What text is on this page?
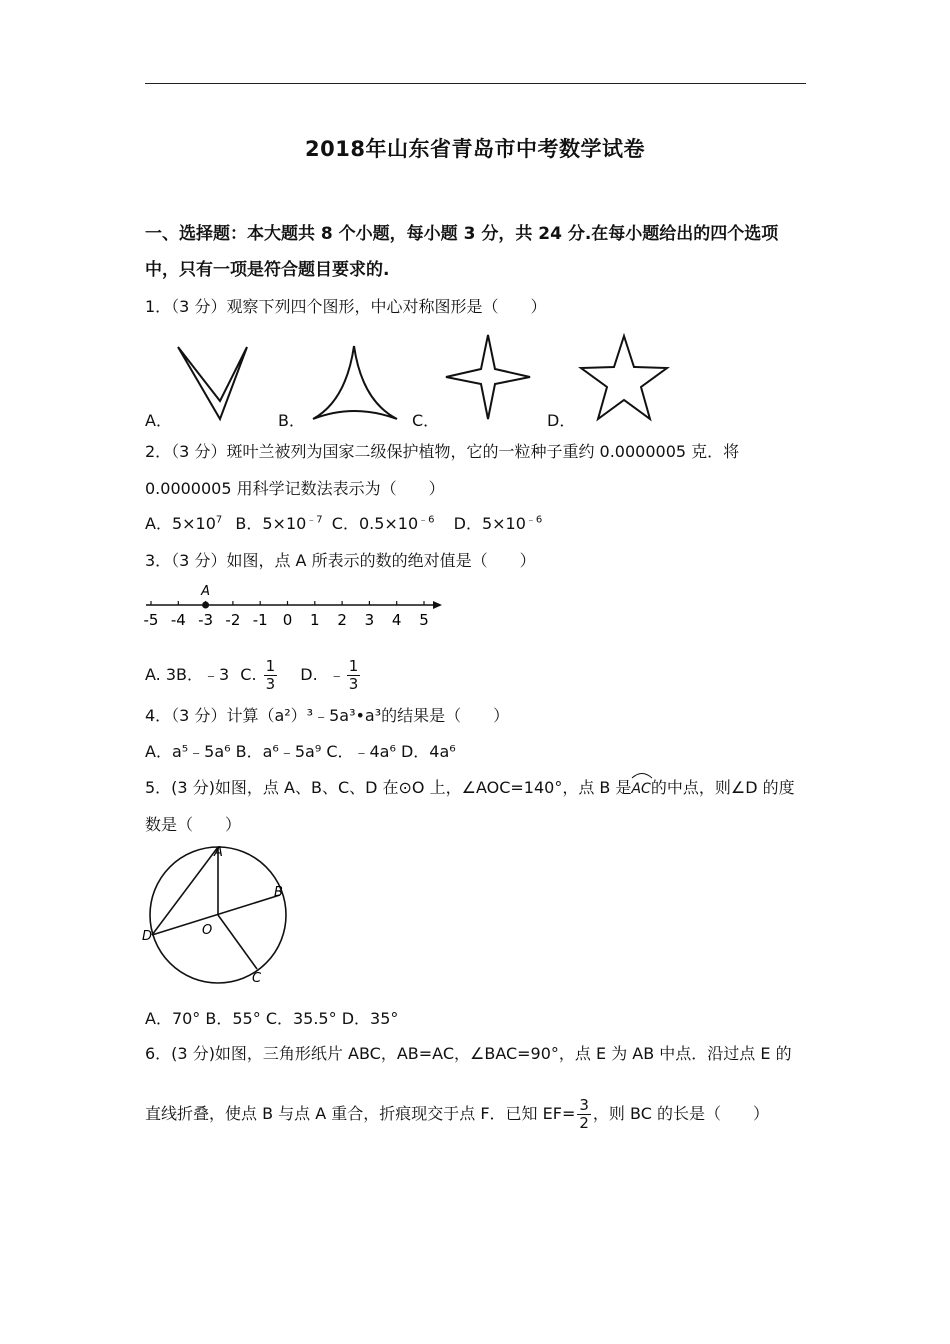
2018年山东省青岛市中考数学试卷
一、选择题：本大题共 8 个小题，每小题 3 分，共 24 分.在每小题给出的四个选项
中，只有一项是符合题目要求的.
1．（3 分）观察下列四个图形，中心对称图形是（　　）
A．	B．	C．	D．
2．（3 分）斑叶兰被列为国家二级保护植物，它的一粒种子重约 0.0000005 克．将
0.0000005 用科学记数法表示为（　　）
A．$5\times 10^7$ B．$5\times 10^{﹣7}$ C．$0.5\times 10^{﹣6}$ D．$5\times 10^{﹣6}$
3．（3 分）如图，点 A 所表示的数的绝对值是（　　）
-5 -4 -3 -2 -1 0 1 2 3 4 5
A
A. 3B．﹣3 C. $\frac{1}{3} D$. ﹣ $\frac{1}{3}$
4．（3 分）计算（a²）³﹣5a³•a³的结果是（　　）
A．a⁵﹣5a⁶ B．a⁶﹣5a⁹ C．﹣4a⁶ D．4a⁶
5．(3 分)如图，点 A、B、C、D 在⊙O 上，∠AOC=140°，点 B 是
AC的中点，则∠D 的度
数是（　　）
A
B
C
D	O
A．70° B．55° C．35.5° D．35°
6．(3 分)如图，三角形纸片 ABC，AB=AC，∠BAC=90°，点 E 为 AB 中点．沿过点 E 的
直线折叠，使点 B 与点 A 重合，折痕现交于点 F．已知 $EF= \frac{3}{2}$ ，则 BC 的长是（　　）
